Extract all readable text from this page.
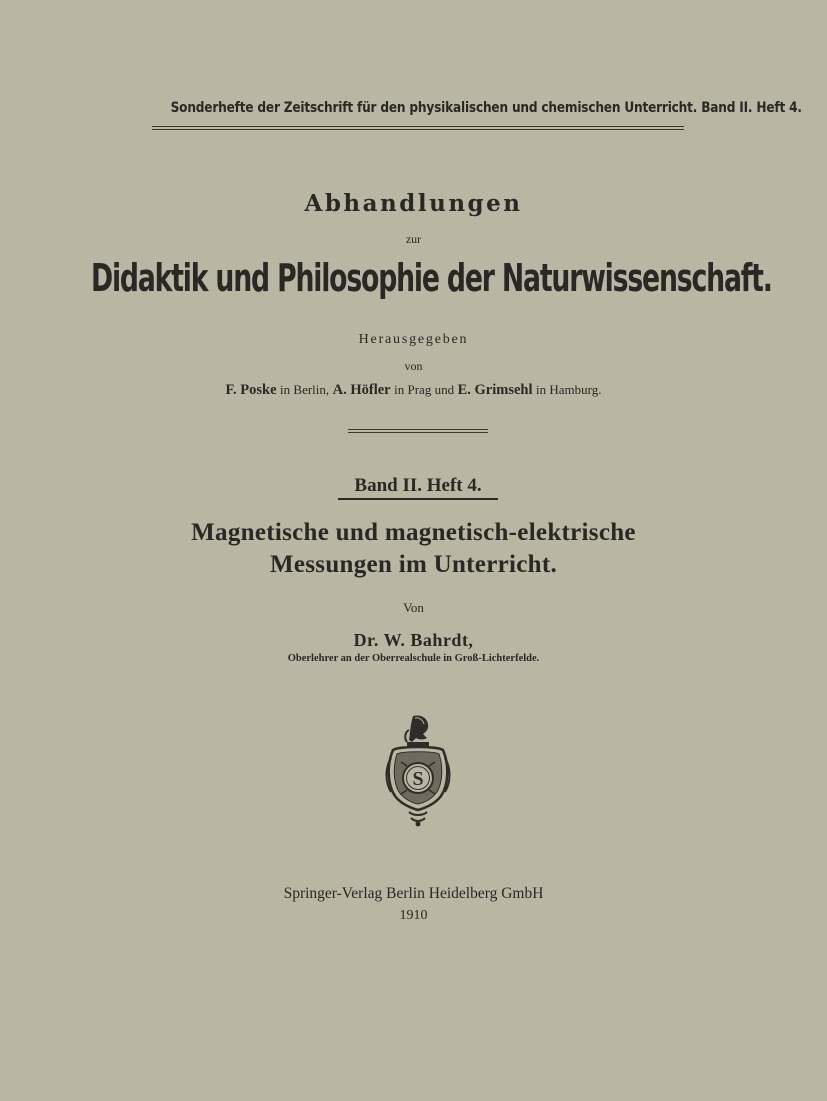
Sonderhefte der Zeitschrift für den physikalischen und chemischen Unterricht. Band II. Heft 4.
Abhandlungen
zur
Didaktik und Philosophie der Naturwissenschaft.
Herausgegeben
von
F. Poske in Berlin, A. Höfler in Prag und E. Grimsehl in Hamburg.
Band II. Heft 4.
Magnetische und magnetisch-elektrische
Messungen im Unterricht.
Von
Dr. W. Bahrdt,
Oberlehrer an der Oberrealschule in Groß-Lichterfelde.
S
Springer-Verlag Berlin Heidelberg GmbH
1910
